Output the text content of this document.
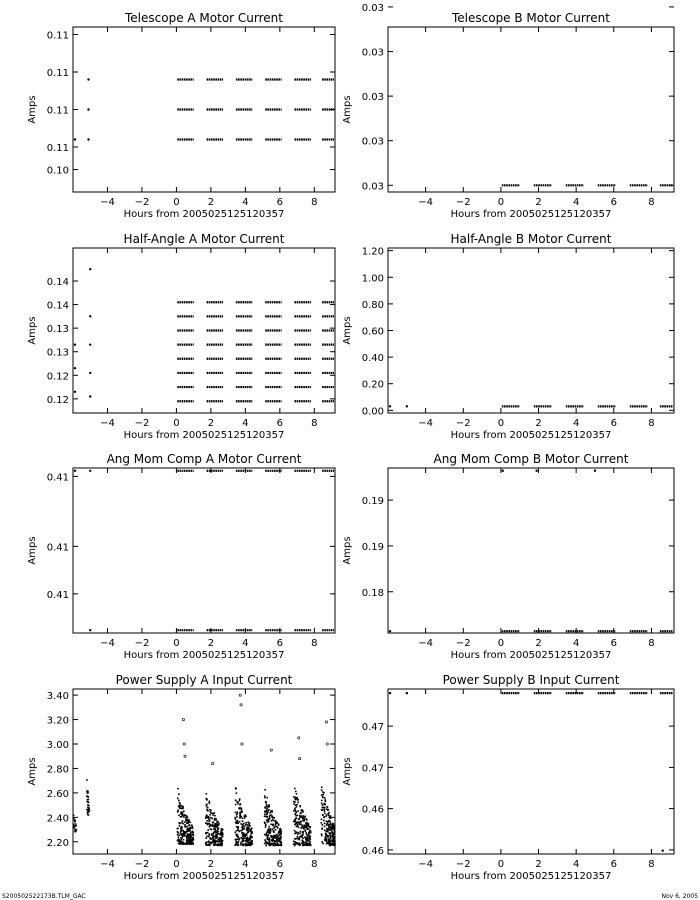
S200502522173B.TLM_GAC	Nov 6, 2005
Telescope A Motor Current
−4 −2 0	2	4	6	8
0.10
0.11
0.11
0.11
0.11
Hours from 2005025125120357
Amps
Telescope B Motor Current
−4 −2	0	2	4	6	8
0.03
0.03
0.03
0.03
0.03
Hours from 2005025125120357
Amps
Half-Angle A Motor Current
−4 −2 0	2	4	6	8
0.12
0.12
0.13
0.13
0.14
0.14
Hours from 2005025125120357
Amps
Half-Angle B Motor Current
−4 −2	0	2	4	6	8
0.00
0.20
0.40
0.60
0.80
1.00
1.20
Hours from 2005025125120357
Amps
Ang Mom Comp A Motor Current
−4 −2 0	2	4	6	8
0.41
0.41
0.41
Hours from 2005025125120357
Amps
Ang Mom Comp B Motor Current
−4 −2	0	2	4	6	8
0.18
0.19
0.19
Hours from 2005025125120357
Amps
Power Supply A Input Current
−4 −2 0	2	4	6	8
2.20
2.40
2.60
2.80
3.00
3.20
3.40
Hours from 2005025125120357
Amps
Power Supply B Input Current
−4 −2	0	2	4	6	8
0.46
0.46
0.47
0.47
Hours from 2005025125120357
Amps
